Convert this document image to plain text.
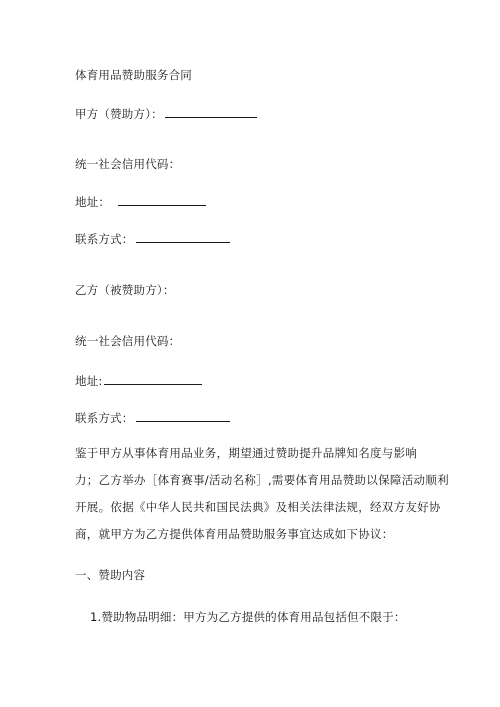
体育用品赞助服务合同
甲方（赞助方）：
统一社会信用代码：
地址：
联系方式：
乙方（被赞助方）：
统一社会信用代码：
地址:
联系方式：
鉴于甲方从事体育用品业务，期望通过赞助提升品牌知名度与影响
力；乙方举办［体育赛事/活动名称］,需要体育用品赞助以保障活动顺利
开展。依据《中华人民共和国民法典》及相关法律法规，经双方友好协
商，就甲方为乙方提供体育用品赞助服务事宜达成如下协议：
一、赞助内容
1.赞助物品明细：甲方为乙方提供的体育用品包括但不限于：
